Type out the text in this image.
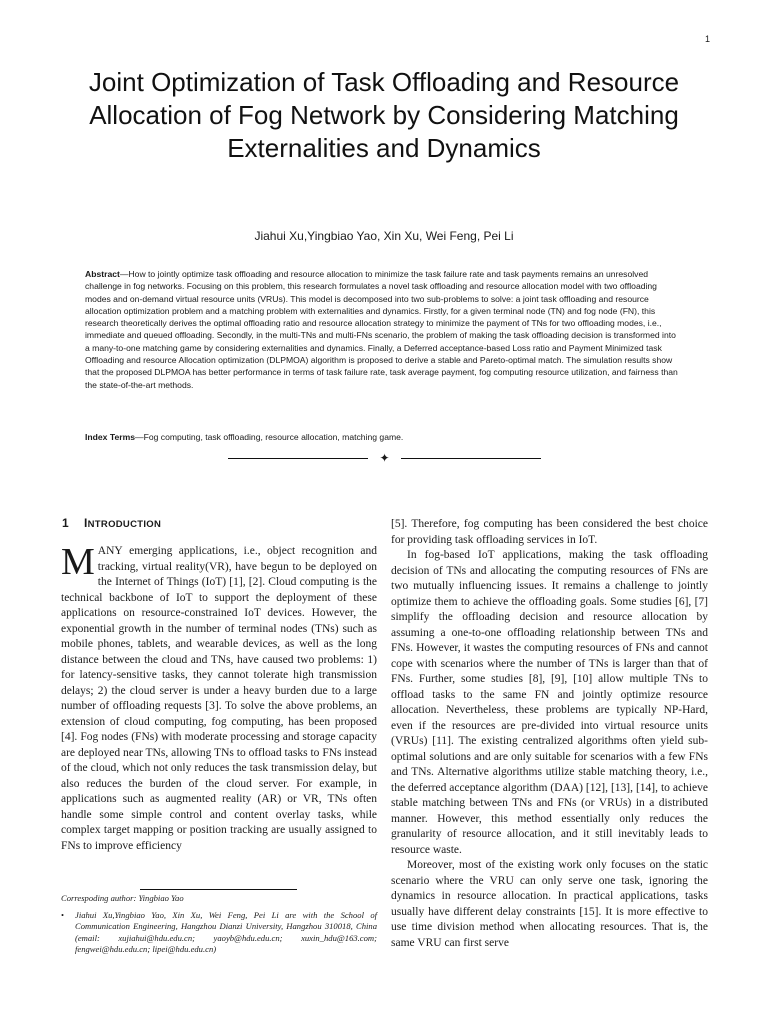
1
Joint Optimization of Task Offloading and Resource Allocation of Fog Network by Considering Matching Externalities and Dynamics
Jiahui Xu,Yingbiao Yao, Xin Xu, Wei Feng, Pei Li

Abstract—How to jointly optimize task offloading and resource allocation to minimize the task failure rate and task payments remains an unresolved challenge in fog networks. Focusing on this problem, this research formulates a novel task offloading and resource allocation model with two offloading modes and on-demand virtual resource units (VRUs). This model is decomposed into two sub-problems to solve: a joint task offloading and resource allocation optimization problem and a matching problem with externalities and dynamics. Firstly, for a given terminal node (TN) and fog node (FN), this research theoretically derives the optimal offloading ratio and resource allocation strategy to minimize the payment of TNs for two offloading modes, i.e., immediate and queued offloading. Secondly, in the multi-TNs and multi-FNs scenario, the problem of making the task offloading decision is transformed into a many-to-one matching game by considering externalities and dynamics. Finally, a Deferred acceptance-based Loss ratio and Payment Minimized task Offloading and resource Allocation optimization (DLPMOA) algorithm is proposed to derive a stable and Pareto-optimal match. The simulation results show that the proposed DLPMOA has better performance in terms of task failure rate, task average payment, fog computing resource utilization, and fairness than the state-of-the-art methods.

Index Terms—Fog computing, task offloading, resource allocation, matching game.

✦
1 INTRODUCTION

MANY emerging applications, i.e., object recognition and tracking, virtual reality(VR), have begun to be deployed on the Internet of Things (IoT) [1], [2]. Cloud computing is the technical backbone of IoT to support the deployment of these applications on resource-constrained IoT devices. However, the exponential growth in the number of terminal nodes (TNs) such as mobile phones, tablets, and wearable devices, as well as the long distance between the cloud and TNs, have caused two problems: 1) for latency-sensitive tasks, they cannot tolerate high transmission delays; 2) the cloud server is under a heavy burden due to a large number of offloading requests [3]. To solve the above problems, an extension of cloud computing, fog computing, has been proposed [4]. Fog nodes (FNs) with moderate processing and storage capacity are deployed near TNs, allowing TNs to offload tasks to FNs instead of the cloud, which not only reduces the task transmission delay, but also reduces the burden of the cloud server. For example, in applications such as augmented reality (AR) or VR, TNs often handle some simple control and content overlay tasks, while complex target mapping or position tracking are usually assigned to FNs to improve efficiency

[5]. Therefore, fog computing has been considered the best choice for providing task offloading services in IoT.

In fog-based IoT applications, making the task offloading decision of TNs and allocating the computing resources of FNs are two mutually influencing issues. It remains a challenge to jointly optimize them to achieve the offloading goals. Some studies [6], [7] simplify the offloading decision and resource allocation by assuming a one-to-one offloading relationship between TNs and FNs. However, it wastes the computing resources of FNs and cannot cope with scenarios where the number of TNs is larger than that of FNs. Further, some studies [8], [9], [10] allow multiple TNs to offload tasks to the same FN and jointly optimize resource allocation. Nevertheless, these problems are typically NP-Hard, even if the resources are pre-divided into virtual resource units (VRUs) [11]. The existing centralized algorithms often yield sub-optimal solutions and are only suitable for scenarios with a few FNs and TNs. Alternative algorithms utilize stable matching theory, i.e., the deferred acceptance algorithm (DAA) [12], [13], [14], to achieve stable matching between TNs and FNs (or VRUs) in a distributed manner. However, this method essentially only reduces the granularity of resource allocation, and it still inevitably leads to resource waste.

Moreover, most of the existing work only focuses on the static scenario where the VRU can only serve one task, ignoring the dynamics in resource allocation. In practical applications, tasks usually have different delay constraints [15]. It is more effective to use time division method when allocating resources. That is, the same VRU can first serve

Correspoding author: Yingbiao Yao

•	Jiahui Xu,Yingbiao Yao, Xin Xu, Wei Feng, Pei Li are with the School of Communication Engineering, Hangzhou Dianzi University, Hangzhou 310018, China (email: xujiahui@hdu.edu.cn; yaoyb@hdu.edu.cn; xuxin_hdu@163.com; fengwei@hdu.edu.cn; lipei@hdu.edu.cn)
